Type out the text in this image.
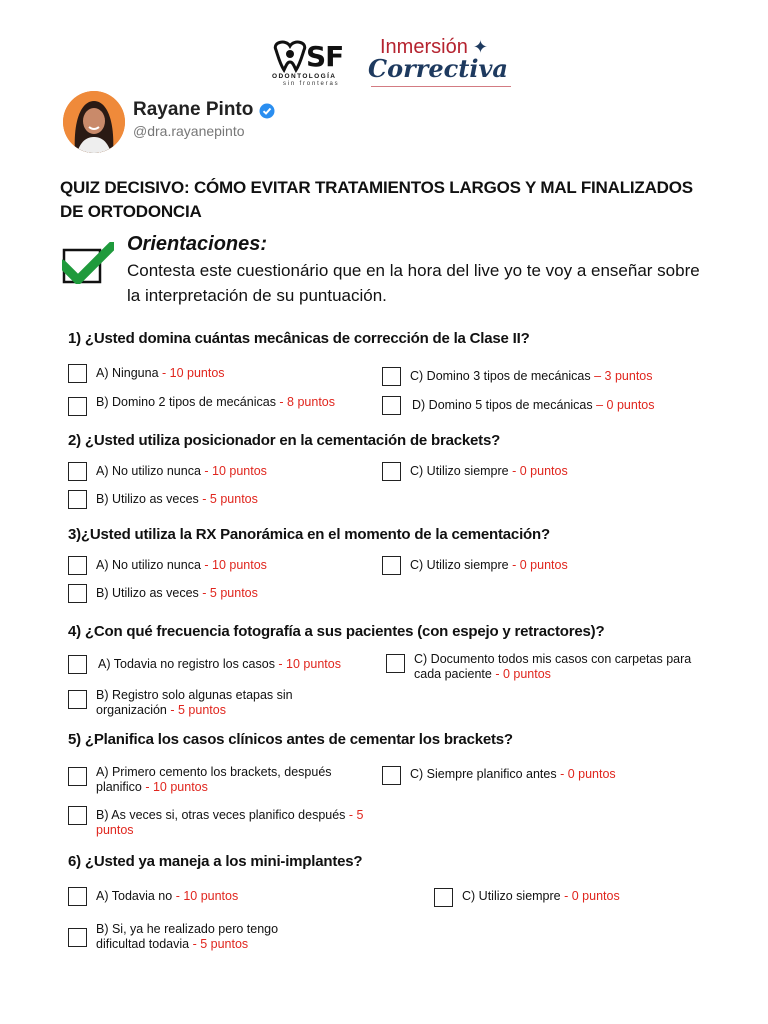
SF
ODONTOLOGÍA
sin fronteras
Inmersión ✦
Correctiva
Rayane Pinto
@dra.rayanepinto
QUIZ DECISIVO: CÓMO EVITAR TRATAMIENTOS LARGOS Y MAL FINALIZADOS DE ORTODONCIA
Orientaciones:
Contesta este cuestionário que en la hora del live yo te voy a enseñar sobre la interpretación de su puntuación.
1) ¿Usted domina cuántas mecânicas de corrección de la Clase II?
A) Ninguna - 10 puntos
B) Domino 2 tipos de mecánicas - 8 puntos
C) Domino 3 tipos de mecánicas – 3 puntos
D) Domino 5 tipos de mecánicas – 0 puntos
2) ¿Usted utiliza posicionador en la cementación de brackets?
A) No utilizo nunca - 10 puntos
B) Utilizo as veces - 5 puntos
C) Utilizo siempre - 0 puntos
3)¿Usted utiliza la RX Panorámica en el momento de la cementación?
A) No utilizo nunca - 10 puntos
B) Utilizo as veces - 5 puntos
C) Utilizo siempre - 0 puntos
4) ¿Con qué frecuencia fotografía a sus pacientes (con espejo y retractores)?
A) Todavia no registro los casos - 10 puntos
B) Registro solo algunas etapas sin organización - 5 puntos
C) Documento todos mis casos con carpetas para cada paciente - 0 puntos
5) ¿Planifica los casos clínicos antes de cementar los brackets?
A) Primero cemento los brackets, después planifico - 10 puntos
B) As veces si, otras veces planifico después - 5 puntos
C) Siempre planifico antes - 0 puntos
6) ¿Usted ya maneja a los mini-implantes?
A) Todavia no - 10 puntos
B) Si, ya he realizado pero tengo dificultad todavia - 5 puntos
C) Utilizo siempre - 0 puntos
